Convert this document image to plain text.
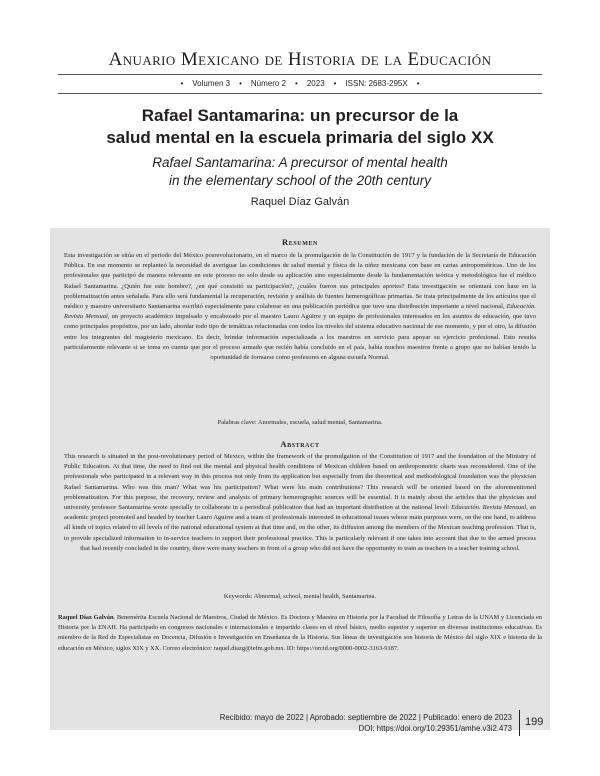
Anuario Mexicano de Historia de la Educación
• Volumen 3 • Número 2 • 2023 • ISSN: 2683-295X •
Rafael Santamarina: un precursor de la
salud mental en la escuela primaria del siglo XX
Rafael Santamarina: A precursor of mental health
in the elementary school of the 20th century
Raquel Díaz Galván
Resumen
Esta investigación se sitúa en el periodo del México posrevolucionario, en el marco de la promulgación de la Constitución de 1917 y la fundación de la Secretaría de Educación Pública. En ese momento se replanteó la necesidad de averiguar las condiciones de salud mental y física de la niñez mexicana con base en cartas antropométricas. Uno de los profesionales que participó de manera relevante en este proceso no solo desde su aplicación sino especialmente desde la fundamentación teórica y metodológica fue el médico Rafael Santamarina. ¿Quién fue este hombre?, ¿en qué consistió su participación?, ¿cuáles fueron sus principales aportes? Esta investigación se orientará con base en la problematización antes señalada. Para ello será fundamental la recuperación, revisión y análisis de fuentes hemerográficas primarias. Se trata principalmente de los artículos que el médico y maestro universitario Santamarina escribió especialmente para colaborar en una publicación periódica que tuvo una distribución importante a nivel nacional, Educación. Revista Mensual, un proyecto académico impulsado y encabezado por el maestro Lauro Aguirre y un equipo de profesionales interesados en los asuntos de educación, que tuvo como principales propósitos, por un lado, abordar todo tipo de temáticas relacionadas con todos los niveles del sistema educativo nacional de ese momento, y por el otro, la difusión entre los integrantes del magisterio mexicano. Es decir, brindar información especializada a los maestros en servicio para apoyar su ejercicio profesional. Esto resulta particularmente relevante si se toma en cuenta que por el proceso armado que recién había concluido en el país, había muchos maestros frente a grupo que no habían tenido la oportunidad de formarse como profesores en alguna escuela Normal.
Palabras clave: Anormales, escuela, salud mental, Santamarina.
Abstract
This research is situated in the post-revolutionary period of Mexico, within the framework of the promulgation of the Constitution of 1917 and the foundation of the Ministry of Public Education. At that time, the need to find out the mental and physical health conditions of Mexican children based on anthropometric charts was reconsidered. One of the professionals who participated in a relevant way in this process not only from its application but especially from the theoretical and methodological foundation was the physician Rafael Santamarina. Who was this man? What was his participation? What were his main contributions? This research will be oriented based on the aforementioned problematization. For this purpose, the recovery, review and analysis of primary hemerographic sources will be essential. It is mainly about the articles that the physician and university professor Santamarina wrote specially to collaborate in a periodical publication that had an important distribution at the national level: Educación. Revista Mensual, an academic project promoted and headed by teacher Lauro Aguirre and a team of professionals interested in educational issues whose main purposes were, on the one hand, to address all kinds of topics related to all levels of the national educational system at that time and, on the other, its diffusion among the members of the Mexican teaching profession. That is, to provide specialized information to in-service teachers to support their professional practice. This is particularly relevant if one takes into account that due to the armed process that had recently concluded in the country, there were many teachers in front of a group who did not have the opportunity to train as teachers in a teacher training school.
Keywords: Abnormal, school, mental health, Santamarina.
Raquel Díaz Galván. Benemérita Escuela Nacional de Maestros, Ciudad de México. Es Doctora y Maestra en Historia por la Facultad de Filosofía y Letras de la UNAM y Licenciada en Historia por la ENAH. Ha participado en congresos nacionales e internacionales e impartido clases en el nivel básico, medio superior y superior en diversas instituciones educativas. Es miembro de la Red de Especialistas en Docencia, Difusión e Investigación en Enseñanza de la Historia. Sus líneas de investigación son historia de México del siglo XIX e historia de la educación en México, siglos XIX y XX. Correo electrónico: raquel.diazg@iefm.gob.mx. ID: https://orcid.org/0000-0002-3163-9187.
Recibido: mayo de 2022 | Aprobado: septiembre de 2022 | Publicado: enero de 2023
DOI: https://doi.org/10.29351/amhe.v3i2.473
199
